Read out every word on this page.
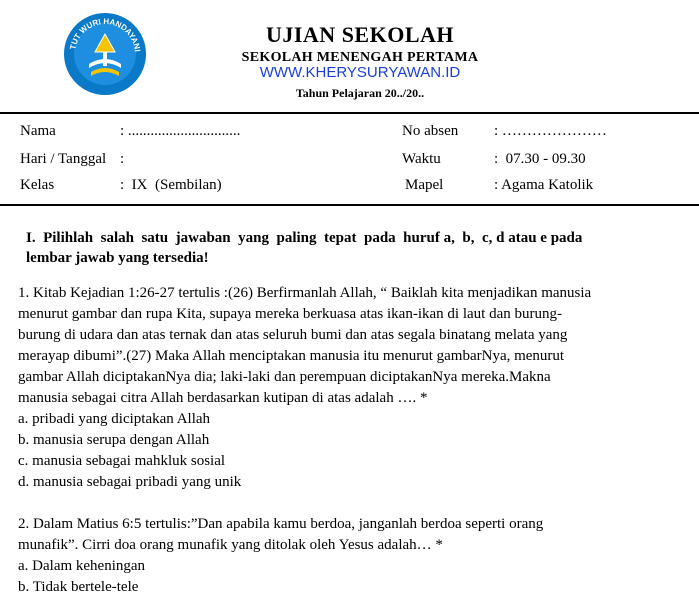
TUT WURI HANDAYANI
UJIAN SEKOLAH
SEKOLAH MENENGAH PERTAMA
WWW.KHERYSURYAWAN.ID
Tahun Pelajaran 20../20..
Nama	: ..............................	No absen : …………………
Hari / Tanggal :	Waktu	:  07.30 - 09.30
Kelas	:  IX  (Sembilan)	Mapel	: Agama Katolik
I.  Pilihlah  salah  satu  jawaban  yang  paling  tepat  pada  huruf a,  b,  c, d atau e pada
lembar jawab yang tersedia!
1. Kitab Kejadian 1:26-27 tertulis :(26) Berfirmanlah Allah, “ Baiklah kita menjadikan manusia
menurut gambar dan rupa Kita, supaya mereka berkuasa atas ikan-ikan di laut dan burung-
burung di udara dan atas ternak dan atas seluruh bumi dan atas segala binatang melata yang
merayap dibumi”.(27) Maka Allah menciptakan manusia itu menurut gambarNya, menurut
gambar Allah diciptakanNya dia; laki-laki dan perempuan diciptakanNya mereka.Makna
manusia sebagai citra Allah berdasarkan kutipan di atas adalah …. *
a. pribadi yang diciptakan Allah
b. manusia serupa dengan Allah
c. manusia sebagai mahkluk sosial
d. manusia sebagai pribadi yang unik
2. Dalam Matius 6:5 tertulis:”Dan apabila kamu berdoa, janganlah berdoa seperti orang
munafik”. Cirri doa orang munafik yang ditolak oleh Yesus adalah… *
a. Dalam keheningan
b. Tidak bertele-tele
